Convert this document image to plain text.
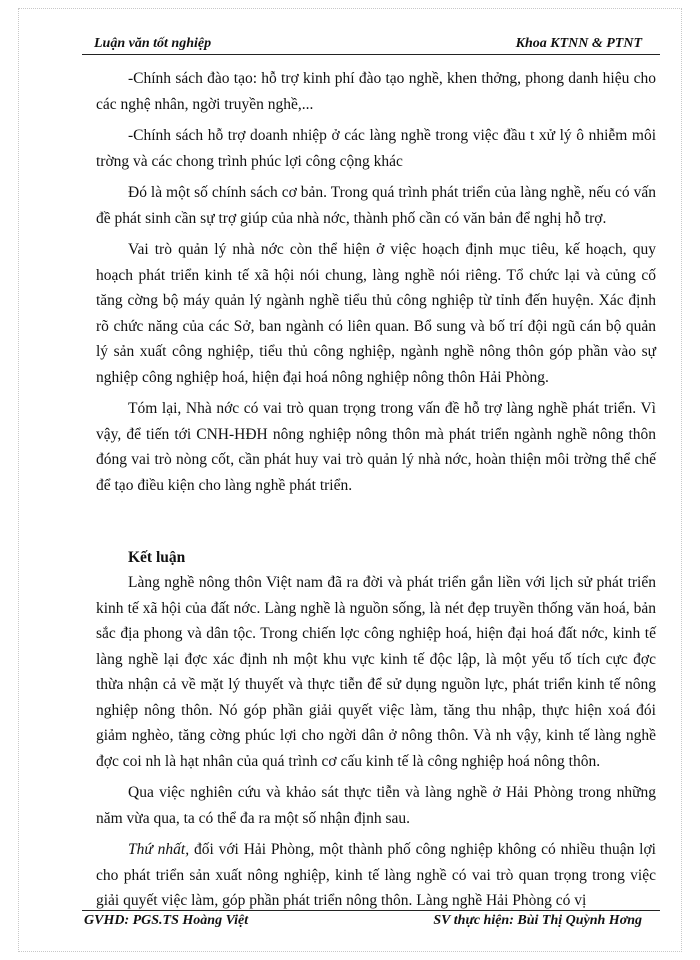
Luận văn tốt nghiệp	Khoa KTNN & PTNT

-Chính sách đào tạo: hỗ trợ kinh phí đào tạo nghề, khen thởng, phong danh hiệu cho các nghệ nhân, ngời truyền nghề,...

-Chính sách hỗ trợ doanh nhiệp ở các làng nghề trong việc đầu t xử lý ô nhiễm môi trờng và các chong trình phúc lợi công cộng khác

Đó là một số chính sách cơ bản. Trong quá trình phát triển của làng nghề, nếu có vấn đề phát sinh cần sự trợ giúp của nhà nớc, thành phố cần có văn bản để nghị hỗ trợ.

Vai trò quản lý nhà nớc còn thể hiện ở việc hoạch định mục tiêu, kế hoạch, quy hoạch phát triển kinh tế xã hội nói chung, làng nghề nói riêng. Tổ chức lại và củng cố tăng cờng bộ máy quản lý ngành nghề tiểu thủ công nghiệp từ tỉnh đến huyện. Xác định rõ chức năng của các Sở, ban ngành có liên quan. Bổ sung và bố trí đội ngũ cán bộ quản lý sản xuất công nghiệp, tiểu thủ công nghiệp, ngành nghề nông thôn góp phần vào sự nghiệp công nghiệp hoá, hiện đại hoá nông nghiệp nông thôn Hải Phòng.

Tóm lại, Nhà nớc có vai trò quan trọng trong vấn đề hỗ trợ làng nghề phát triển. Vì vậy, để tiến tới CNH-HĐH nông nghiệp nông thôn mà phát triển ngành nghề nông thôn đóng vai trò nòng cốt, cần phát huy vai trò quản lý nhà nớc, hoàn thiện môi trờng thể chế để tạo điều kiện cho làng nghề phát triển.

Kết luận

Làng nghề nông thôn Việt nam đã ra đời và phát triển gắn liền với lịch sử phát triển kinh tế xã hội của đất nớc. Làng nghề là nguồn sống, là nét đẹp truyền thống văn hoá, bản sắc địa phong và dân tộc. Trong chiến lợc công nghiệp hoá, hiện đại hoá đất nớc, kinh tế làng nghề lại đợc xác định nh một khu vực kinh tế độc lập, là một yếu tố tích cực đợc thừa nhận cả về mặt lý thuyết và thực tiễn để sử dụng nguồn lực, phát triển kinh tế nông nghiệp nông thôn. Nó góp phần giải quyết việc làm, tăng thu nhập, thực hiện xoá đói giảm nghèo, tăng cờng phúc lợi cho ngời dân ở nông thôn. Và nh vậy, kinh tế làng nghề đợc coi nh là hạt nhân của quá trình cơ cấu kinh tế là công nghiệp hoá nông thôn.

Qua việc nghiên cứu và khảo sát thực tiễn và làng nghề ở Hải Phòng trong những năm vừa qua, ta có thể đa ra một số nhận định sau.

Thứ nhất, đối với Hải Phòng, một thành phố công nghiệp không có nhiều thuận lợi cho phát triển sản xuất nông nghiệp, kinh tế làng nghề có vai trò quan trọng trong việc giải quyết việc làm, góp phần phát triển nông thôn. Làng nghề Hải Phòng có vị

GVHD: PGS.TS Hoàng Việt	SV thực hiện: Bùi Thị Quỳnh Hơng
